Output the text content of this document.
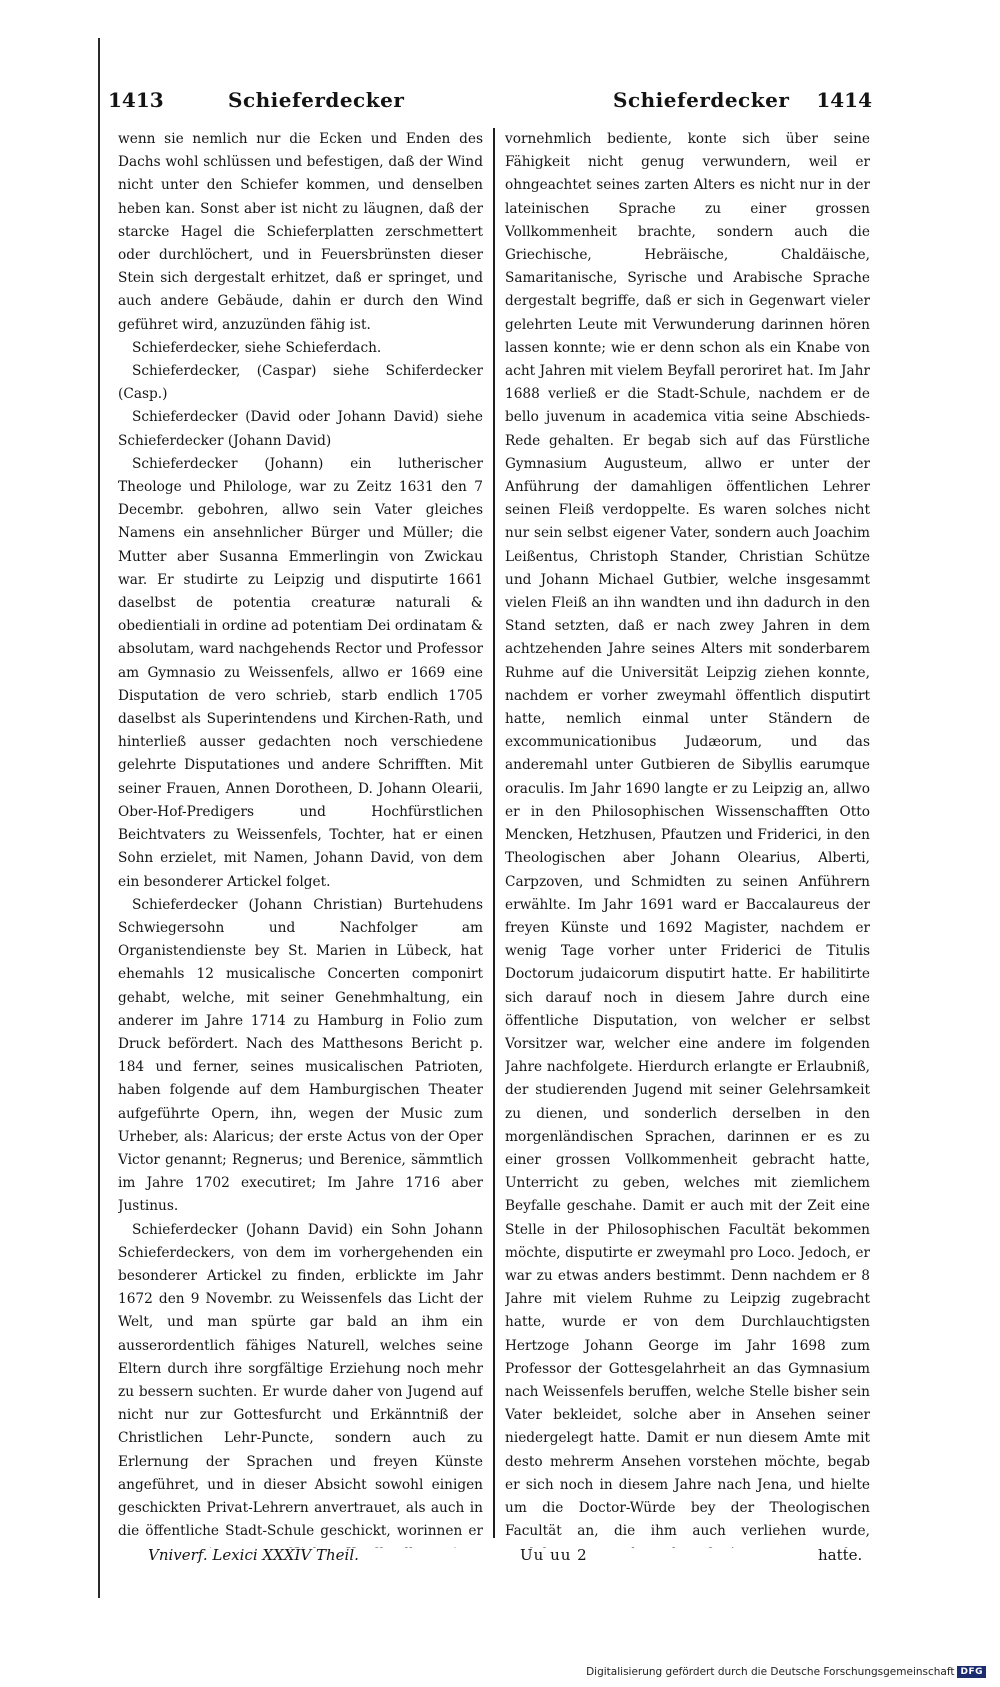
1413	Schieferdecker	Schieferdecker 1414

wenn sie nemlich nur die Ecken und Enden des Dachs wohl schlüssen und befestigen, daß der Wind nicht unter den Schiefer kommen, und denselben heben kan. Sonst aber ist nicht zu läugnen, daß der starcke Hagel die Schieferplatten zerschmettert oder durchlöchert, und in Feuersbrünsten dieser Stein sich dergestalt erhitzet, daß er springet, und auch andere Gebäude, dahin er durch den Wind geführet wird, anzuzünden fähig ist.

Schieferdecker, siehe Schieferdach.

Schieferdecker, (Caspar) siehe Schiferdecker (Casp.)

Schieferdecker (David oder Johann David) siehe Schieferdecker (Johann David)

Schieferdecker (Johann) ein lutherischer Theologe und Philologe, war zu Zeitz 1631 den 7 Decembr. gebohren, allwo sein Vater gleiches Namens ein ansehnlicher Bürger und Müller; die Mutter aber Susanna Emmerlingin von Zwickau war. Er studirte zu Leipzig und disputirte 1661 daselbst de potentia creaturæ naturali & obedientiali in ordine ad potentiam Dei ordinatam & absolutam, ward nachgehends Rector und Professor am Gymnasio zu Weissenfels, allwo er 1669 eine Disputation de vero schrieb, starb endlich 1705 daselbst als Superintendens und Kirchen-Rath, und hinterließ ausser gedachten noch verschiedene gelehrte Disputationes und andere Schrifften. Mit seiner Frauen, Annen Dorotheen, D. Johann Olearii, Ober-Hof-Predigers und Hochfürstlichen Beichtvaters zu Weissenfels, Tochter, hat er einen Sohn erzielet, mit Namen, Johann David, von dem ein besonderer Artickel folget.

Schieferdecker (Johann Christian) Burtehudens Schwiegersohn und Nachfolger am Organistendienste bey St. Marien in Lübeck, hat ehemahls 12 musicalische Concerten componirt gehabt, welche, mit seiner Genehmhaltung, ein anderer im Jahre 1714 zu Hamburg in Folio zum Druck befördert. Nach des Matthesons Bericht p. 184 und ferner, seines musicalischen Patrioten, haben folgende auf dem Hamburgischen Theater aufgeführte Opern, ihn, wegen der Music zum Urheber, als: Alaricus; der erste Actus von der Oper Victor genannt; Regnerus; und Berenice, sämmtlich im Jahre 1702 executiret; Im Jahre 1716 aber Justinus.

Schieferdecker (Johann David) ein Sohn Johann Schieferdeckers, von dem im vorhergehenden ein besonderer Artickel zu finden, erblickte im Jahr 1672 den 9 Novembr. zu Weissenfels das Licht der Welt, und man spürte gar bald an ihm ein ausserordentlich fähiges Naturell, welches seine Eltern durch ihre sorgfältige Erziehung noch mehr zu bessern suchten. Er wurde daher von Jugend auf nicht nur zur Gottesfurcht und Erkänntniß der Christlichen Lehr-Puncte, sondern auch zu Erlernung der Sprachen und freyen Künste angeführet, und in dieser Absicht sowohl einigen geschickten Privat-Lehrern anvertrauet, als auch in die öffentliche Stadt-Schule geschickt, worinnen er

vornehmlich bediente, konte sich über seine Fähigkeit nicht genug verwundern, weil er ohngeachtet seines zarten Alters es nicht nur in der lateinischen Sprache zu einer grossen Vollkommenheit brachte, sondern auch die Griechische, Hebräische, Chaldäische, Samaritanische, Syrische und Arabische Sprache dergestalt begriffe, daß er sich in Gegenwart vieler gelehrten Leute mit Verwunderung darinnen hören lassen konnte; wie er denn schon als ein Knabe von acht Jahren mit vielem Beyfall peroriret hat. Im Jahr 1688 verließ er die Stadt-Schule, nachdem er de bello juvenum in academica vitia seine Abschieds-Rede gehalten. Er begab sich auf das Fürstliche Gymnasium Augusteum, allwo er unter der Anführung der damahligen öffentlichen Lehrer seinen Fleiß verdoppelte. Es waren solches nicht nur sein selbst eigener Vater, sondern auch Joachim Leißentus, Christoph Stander, Christian Schütze und Johann Michael Gutbier, welche insgesammt vielen Fleiß an ihn wandten und ihn dadurch in den Stand setzten, daß er nach zwey Jahren in dem achtzehenden Jahre seines Alters mit sonderbarem Ruhme auf die Universität Leipzig ziehen konnte, nachdem er vorher zweymahl öffentlich disputirt hatte, nemlich einmal unter Ständern de excommunicationibus Judæorum, und das anderemahl unter Gutbieren de Sibyllis earumque oraculis. Im Jahr 1690 langte er zu Leipzig an, allwo er in den Philosophischen Wissenschafften Otto Mencken, Hetzhusen, Pfautzen und Friderici, in den Theologischen aber Johann Olearius, Alberti, Carpzoven, und Schmidten zu seinen Anführern erwählte. Im Jahr 1691 ward er Baccalaureus der freyen Künste und 1692 Magister, nachdem er wenig Tage vorher unter Friderici de Titulis Doctorum judaicorum disputirt hatte. Er habilitirte sich darauf noch in diesem Jahre durch eine öffentliche Disputation, von welcher er selbst Vorsitzer war, welcher eine andere im folgenden Jahre nachfolgete. Hierdurch erlangte er Erlaubniß, der studierenden Jugend mit seiner Gelehrsamkeit zu dienen, und sonderlich derselben in den morgenländischen Sprachen, darinnen er es zu einer grossen Vollkommenheit gebracht hatte, Unterricht zu geben, welches mit ziemlichem Beyfalle geschahe. Damit er auch mit der Zeit eine Stelle in der Philosophischen Facultät bekommen möchte, disputirte er zweymahl pro Loco. Jedoch, er war zu etwas anders bestimmt. Denn nachdem er 8 Jahre mit vielem Ruhme zu Leipzig zugebracht hatte, wurde er von dem Durchlauchtigsten Hertzoge Johann George im Jahr 1698 zum Professor der Gottesgelahrheit an das Gymnasium nach Weissenfels beruffen, welche Stelle bisher sein Vater bekleidet, solche aber in Ansehen seiner niedergelegt hatte. Damit er nun diesem Amte mit desto mehrerm Ansehen vorstehen möchte, begab er sich noch in diesem Jahre nach Jena, und hielte um die Doctor-Würde bey der Theologischen Facultät an, die ihm auch verliehen wurde,

Vniverf. Lexici XXXIV Theil.	Uu uu 2	hatte.
Digitalisierung gefördert durch die Deutsche Forschungsgemeinschaft DFG
